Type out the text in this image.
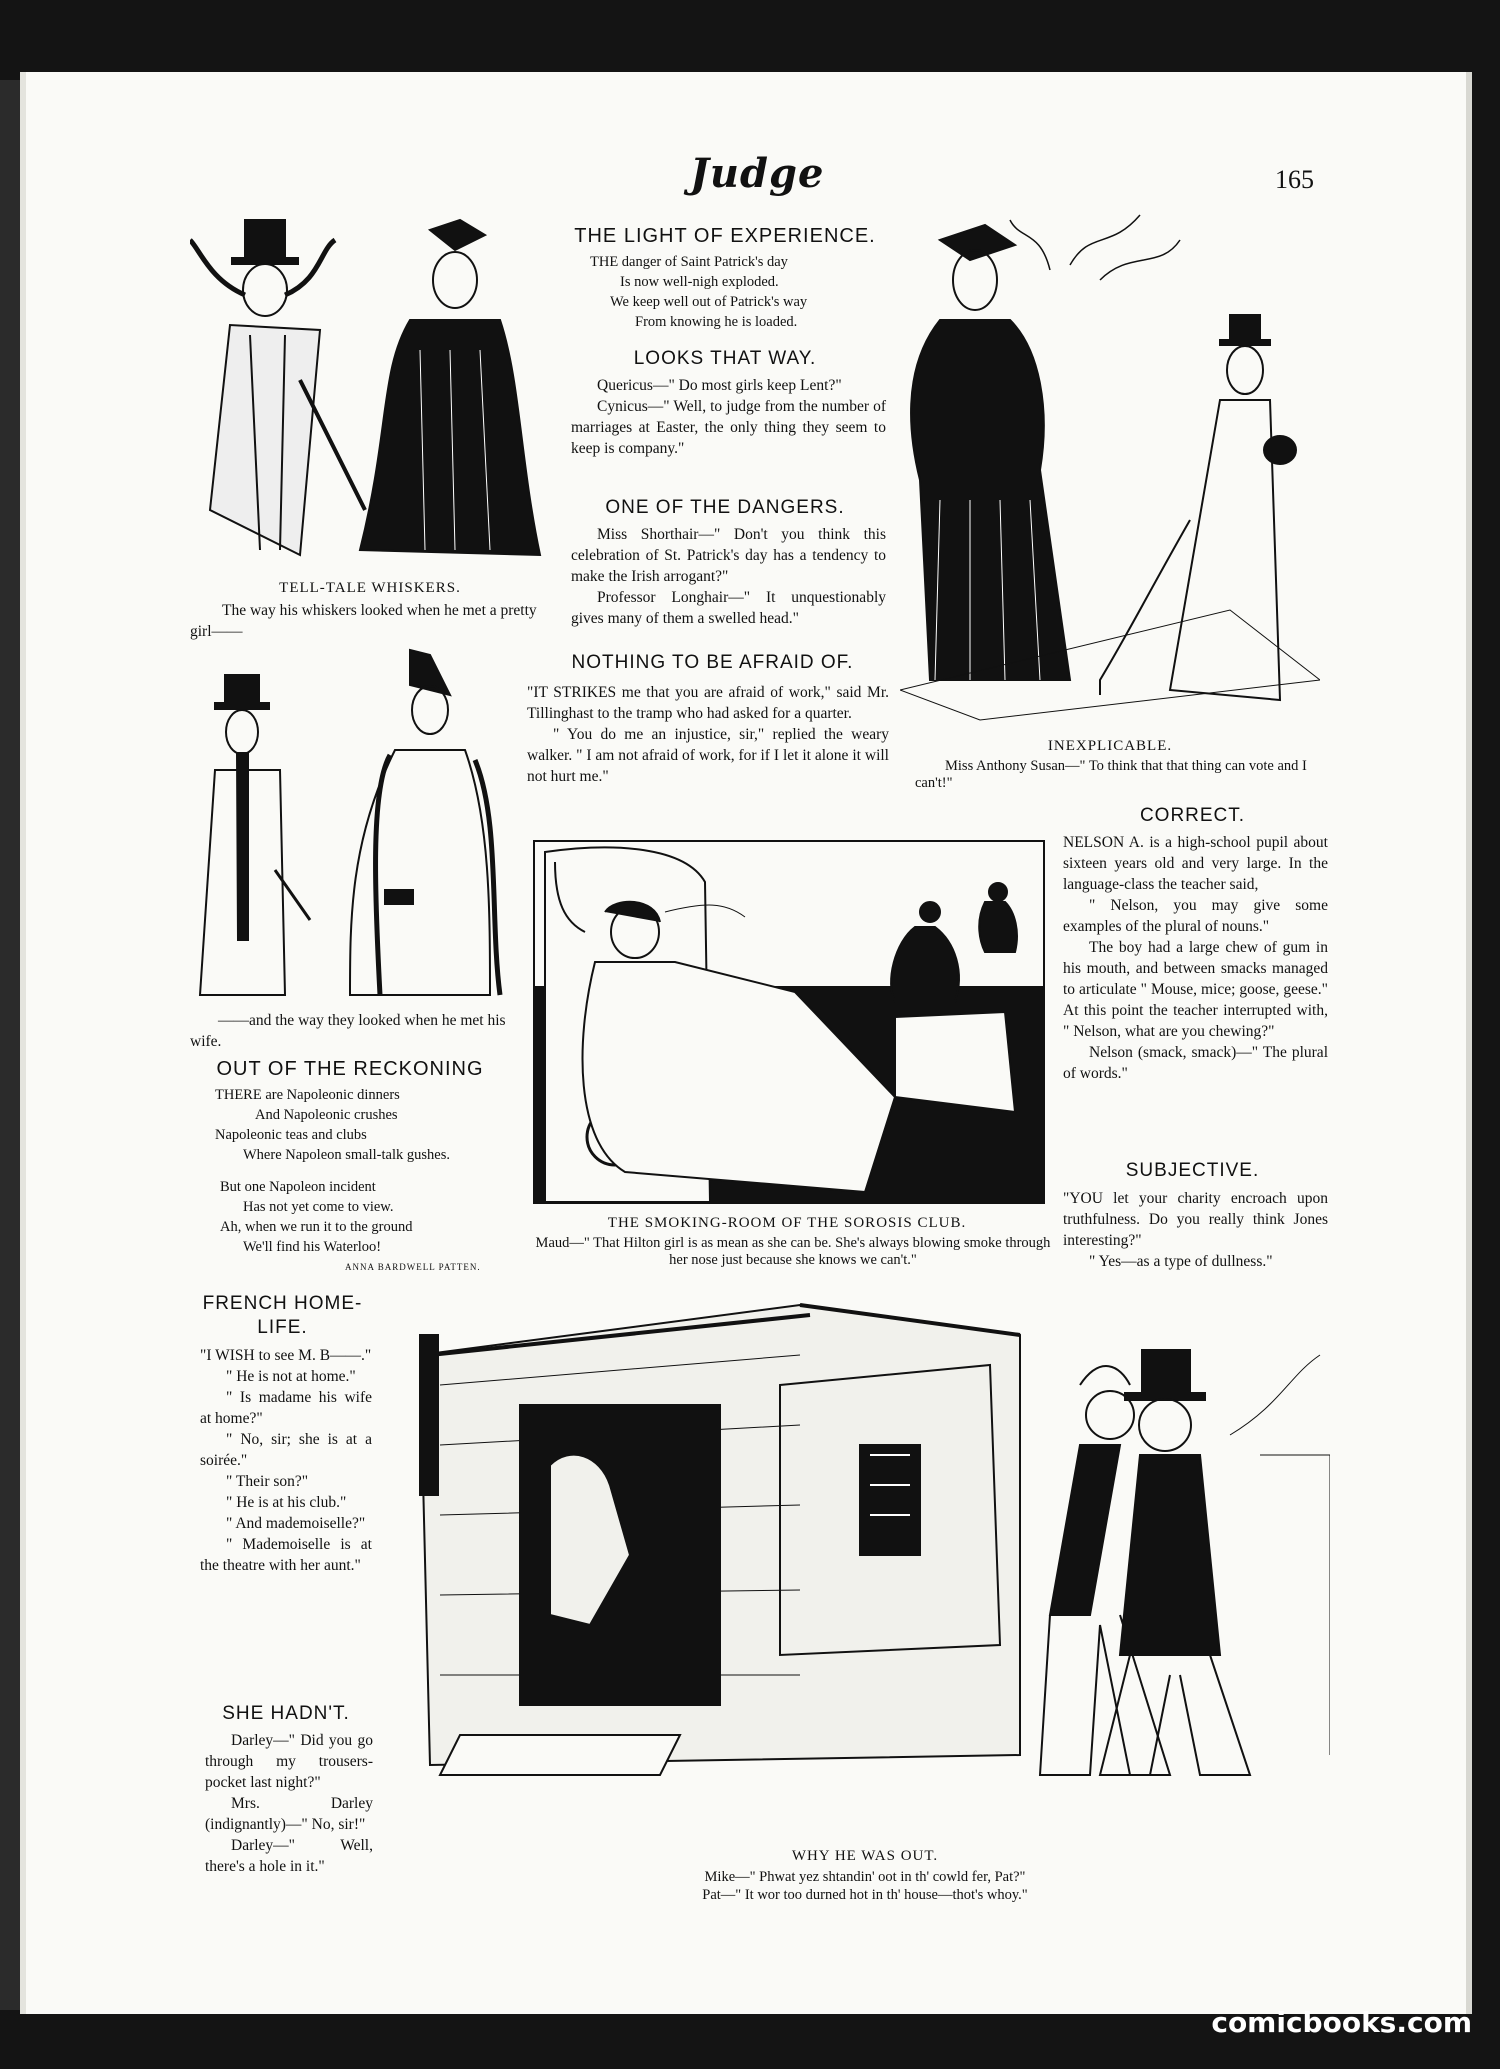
Judge	165
TELL-TALE WHISKERS.
The way his whiskers looked when he met a pretty girl——
——and the way they looked when he met his wife.
THE LIGHT OF EXPERIENCE.
THE danger of Saint Patrick's day
Is now well-nigh exploded.
We keep well out of Patrick's way
From knowing he is loaded.
LOOKS THAT WAY.

Quericus—" Do most girls keep Lent?"

Cynicus—" Well, to judge from the number of marriages at Easter, the only thing they seem to keep is company."

ONE OF THE DANGERS.

Miss Shorthair—" Don't you think this celebration of St. Patrick's day has a tendency to make the Irish arrogant?"

Professor Longhair—" It unquestionably gives many of them a swelled head."

NOTHING TO BE AFRAID OF.

"IT STRIKES me that you are afraid of work," said Mr. Tillinghast to the tramp who had asked for a quarter.

" You do me an injustice, sir," replied the weary walker. " I am not afraid of work, for if I let it alone it will not hurt me."

INEXPLICABLE.
Miss Anthony Susan—" To think that that thing can vote and I can't!"
THE SMOKING-ROOM OF THE SOROSIS CLUB.
Maud—" That Hilton girl is as mean as she can be. She's always blowing smoke through her nose just because she knows we can't."
CORRECT.

NELSON A. is a high-school pupil about sixteen years old and very large. In the language-class the teacher said,

" Nelson, you may give some examples of the plural of nouns."

The boy had a large chew of gum in his mouth, and between smacks managed to articulate " Mouse, mice; goose, geese." At this point the teacher interrupted with, " Nelson, what are you chewing?"

Nelson (smack, smack)—" The plural of words."

SUBJECTIVE.

"YOU let your charity encroach upon truthfulness. Do you really think Jones interesting?"

" Yes—as a type of dullness."

OUT OF THE RECKONING
THERE are Napoleonic dinners
And Napoleonic crushes
Napoleonic teas and clubs
Where Napoleon small-talk gushes.
But one Napoleon incident
Has not yet come to view.
Ah, when we run it to the ground
We'll find his Waterloo!
ANNA BARDWELL PATTEN.
FRENCH HOME-LIFE.

"I WISH to see M. B——."

" He is not at home."

" Is madame his wife at home?"

" No, sir; she is at a soirée."

" Their son?"

" He is at his club."

" And mademoiselle?"

" Mademoiselle is at the theatre with her aunt."

SHE HADN'T.

Darley—" Did you go through my trousers-pocket last night?"

Mrs. Darley (indignantly)—" No, sir!"

Darley—" Well, there's a hole in it."

WHY HE WAS OUT.
Mike—" Phwat yez shtandin' oot in th' cowld fer, Pat?"
Pat—" It wor too durned hot in th' house—thot's whoy."
comicbooks.com
